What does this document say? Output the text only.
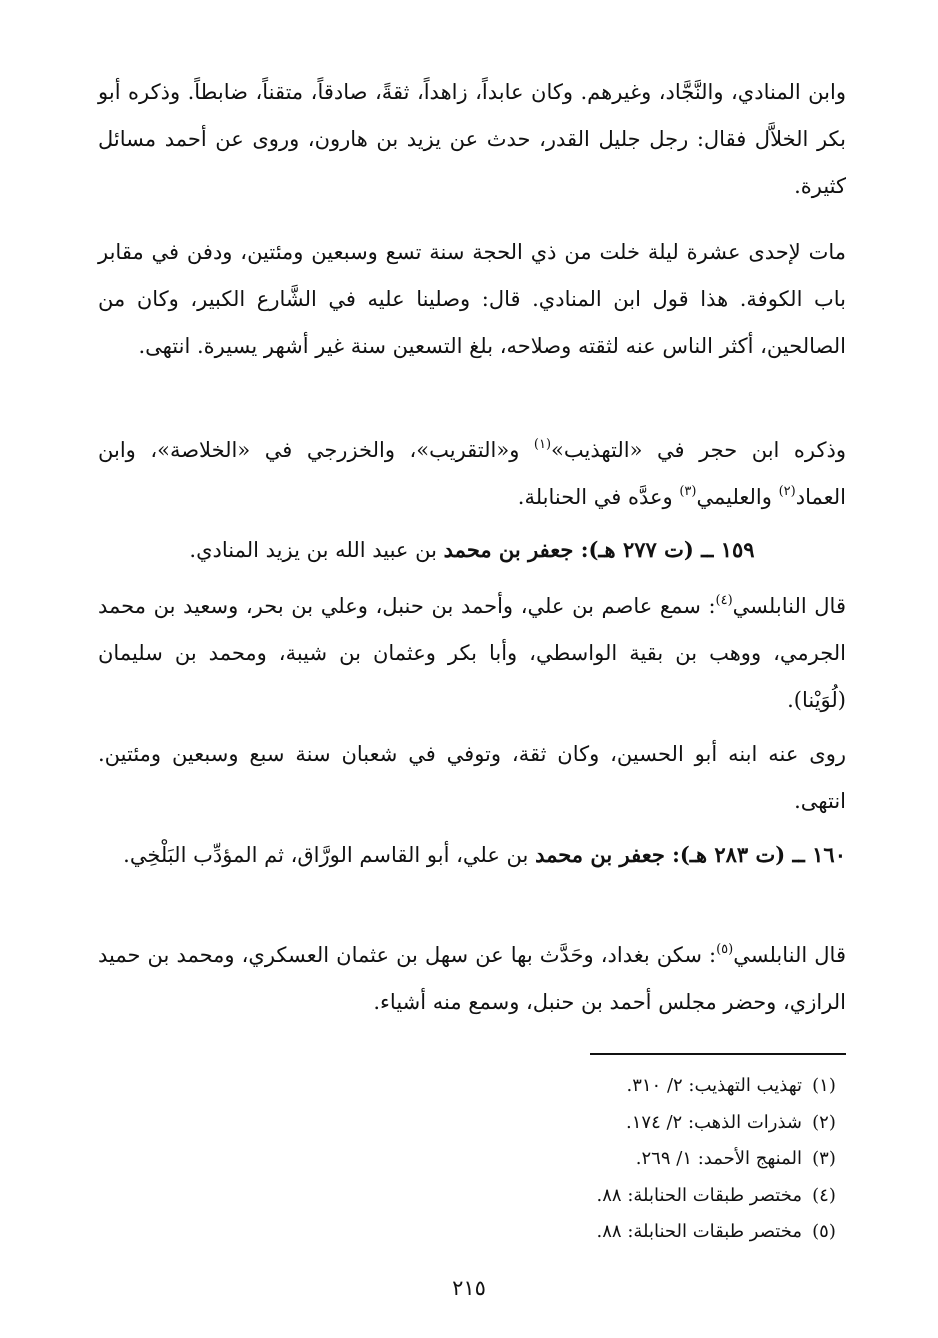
وابن المنادي، والنَّجَّاد، وغيرهم. وكان عابداً، زاهداً، ثقةً، صادقاً، متقناً، ضابطاً. وذكره أبو بكر الخلاَّل فقال: رجل جليل القدر، حدث عن يزيد بن هارون، وروى عن أحمد مسائل كثيرة.
مات لإحدى عشرة ليلة خلت من ذي الحجة سنة تسع وسبعين ومئتين، ودفن في مقابر باب الكوفة. هذا قول ابن المنادي. قال: وصلينا عليه في الشَّارع الكبير، وكان من الصالحين، أكثر الناس عنه لثقته وصلاحه، بلغ التسعين سنة غير أشهر يسيرة. انتهى.
وذكره ابن حجر في «التهذيب»$^{(١)}$ و«التقريب»، والخزرجي في «الخلاصة»، وابن العماد$^{(٢)}$ والعليمي$^{(٣)}$ وعدَّه في الحنابلة.
١٥٩ ــ (ت ٢٧٧ هـ): جعفر بن محمد بن عبيد الله بن يزيد المنادي.
قال النابلسي$^{(٤)}$: سمع عاصم بن علي، وأحمد بن حنبل، وعلي بن بحر، وسعيد بن محمد الجرمي، ووهب بن بقية الواسطي، وأبا بكر وعثمان بن شيبة، ومحمد بن سليمان (لُوَيْنا).
روى عنه ابنه أبو الحسين، وكان ثقة، وتوفي في شعبان سنة سبع وسبعين ومئتين. انتهى.
١٦٠ ــ (ت ٢٨٣ هـ): جعفر بن محمد بن علي، أبو القاسم الورَّاق، ثم المؤدِّب البَلْخِي.
قال النابلسي$^{(٥)}$: سكن بغداد، وحَدَّث بها عن سهل بن عثمان العسكري، ومحمد بن حميد الرازي، وحضر مجلس أحمد بن حنبل، وسمع منه أشياء.
(١)
تهذيب التهذيب: ٢/ ٣١٠.
(٢)
شذرات الذهب: ٢/ ١٧٤.
(٣)
المنهج الأحمد: ١/ ٢٦٩.
(٤)
مختصر طبقات الحنابلة: ٨٨.
(٥)
مختصر طبقات الحنابلة: ٨٨.
٢١٥
